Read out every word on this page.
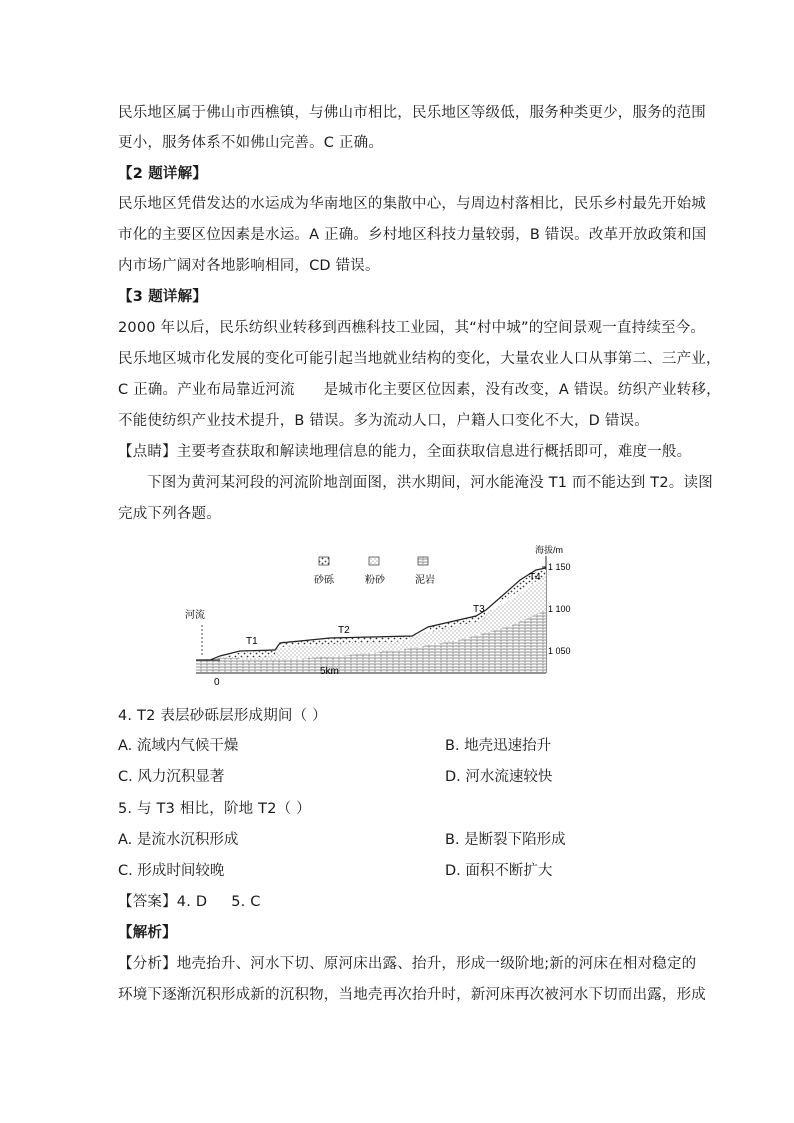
民乐地区属于佛山市西樵镇，与佛山市相比，民乐地区等级低，服务种类更少，服务的范围
更小，服务体系不如佛山完善。C 正确。
【2 题详解】
民乐地区凭借发达的水运成为华南地区的集散中心，与周边村落相比，民乐乡村最先开始城
市化的主要区位因素是水运。A 正确。乡村地区科技力量较弱，B 错误。改革开放政策和国
内市场广阔对各地影响相同，CD 错误。
【3 题详解】
2000 年以后，民乐纺织业转移到西樵科技工业园，其“村中城”的空间景观一直持续至今。
民乐地区城市化发展的变化可能引起当地就业结构的变化，大量农业人口从事第二、三产业，
C 正确。产业布局靠近河流      是城市化主要区位因素，没有改变，A 错误。纺织产业转移，
不能使纺织产业技术提升，B 错误。多为流动人口，户籍人口变化不大，D 错误。
【点睛】主要考查获取和解读地理信息的能力，全面获取信息进行概括即可，难度一般。
下图为黄河某河段的河流阶地剖面图，洪水期间，河水能淹没 T1 而不能达到 T2。读图
完成下列各题。
砂砾	粉砂	泥岩
海拔/m
1 150
1 100
1 050
河流
T1
T2
T3
T4
0
5km
4. T2 表层砂砾层形成期间（ ）
A. 流域内气候干燥	B. 地壳迅速抬升
C. 风力沉积显著	D. 河水流速较快
5. 与 T3 相比，阶地 T2（ ）
A. 是流水沉积形成	B. 是断裂下陷形成
C. 形成时间较晚	D. 面积不断扩大
【答案】4. D     5. C
【解析】
【分析】地壳抬升、河水下切、原河床出露、抬升，形成一级阶地;新的河床在相对稳定的
环境下逐渐沉积形成新的沉积物，当地壳再次抬升时，新河床再次被河水下切而出露，形成
